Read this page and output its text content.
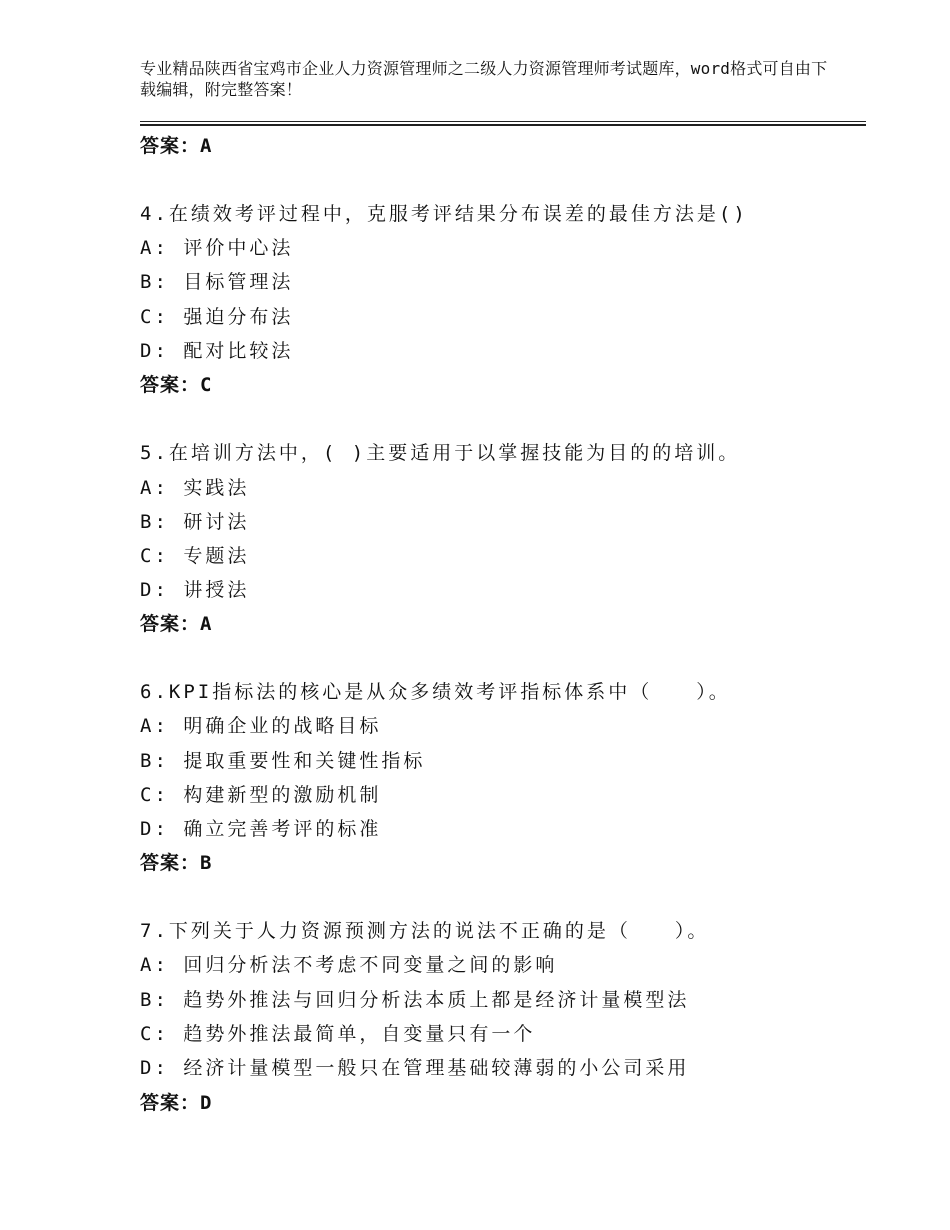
专业精品陕西省宝鸡市企业人力资源管理师之二级人力资源管理师考试题库，word格式可自由下载编辑，附完整答案！
答案：A
4.在绩效考评过程中，克服考评结果分布误差的最佳方法是()
A: 评价中心法
B: 目标管理法
C: 强迫分布法
D: 配对比较法
答案：C
5.在培训方法中，( )主要适用于以掌握技能为目的的培训。
A: 实践法
B: 研讨法
C: 专题法
D: 讲授法
答案：A
6.KPI指标法的核心是从众多绩效考评指标体系中（　　）。
A: 明确企业的战略目标
B: 提取重要性和关键性指标
C: 构建新型的激励机制
D: 确立完善考评的标准
答案：B
7.下列关于人力资源预测方法的说法不正确的是（　　）。
A: 回归分析法不考虑不同变量之间的影响
B: 趋势外推法与回归分析法本质上都是经济计量模型法
C: 趋势外推法最简单，自变量只有一个
D: 经济计量模型一般只在管理基础较薄弱的小公司采用
答案：D
